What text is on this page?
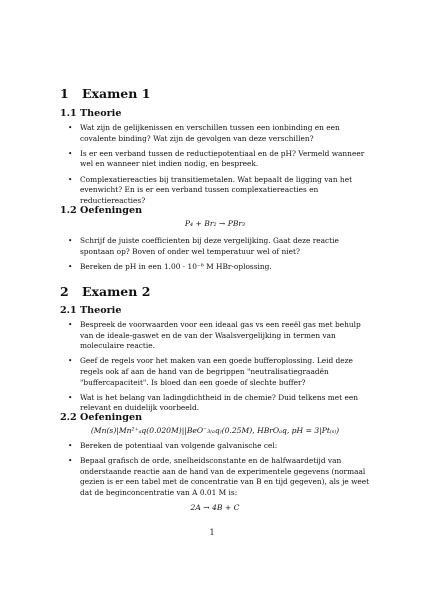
1 Examen 1
1.1 Theorie
• Wat zijn de gelijkenissen en verschillen tussen een ionbinding en een covalente binding? Wat zijn de gevolgen van deze verschillen?
• Is er een verband tussen de reductiepotentiaal en de pH? Vermeld wanneer wel en wanneer niet indien nodig, en bespreek.
• Complexatiereacties bij transitiemetalen. Wat bepaalt de ligging van het evenwicht? En is er een verband tussen complexatiereacties en reductiereacties?
1.2 Oefeningen
P₄ + Br₂ → PBr₃
• Schrijf de juiste coefficienten bij deze vergelijking. Gaat deze reactie spontaan op? Boven of onder wel temperatuur wel of niet?
• Bereken de pH in een 1.00 · 10⁻⁸ M HBr-oplossing.
2 Examen 2
2.1 Theorie
• Bespreek de voorwaarden voor een ideaal gas vs een reeël gas met behulp van de ideale-gaswet en de van der Waalsvergelijking in termen van moleculaire reactie.
• Geef de regels voor het maken van een goede bufferoplossing. Leid deze regels ook af aan de hand van de begrippen "neutralisatiegraadën "buffercapaciteit". Is bloed dan een goede of slechte buffer?
• Wat is het belang van ladingdichtheid in de chemie? Duid telkens met een relevant en duidelijk voorbeeld.
2.2 Oefeningen
(Mn(s)|Mn²⁺ₐq(0.020M)||BeO⁻₃₍ₐq₎(0.25M), HBrOₐq, pH = 3|Pt₍ₛ₎)
• Bereken de potentiaal van volgende galvanische cel:
• Bepaal grafisch de orde, snelheidsconstante en de halfwaardetijd van onderstaande reactie aan de hand van de experimentele gegevens (normaal gezien is er een tabel met de concentratie van B en tijd gegeven), als je weet dat de beginconcentratie van A 0.01 M is:
2A → 4B + C
1
